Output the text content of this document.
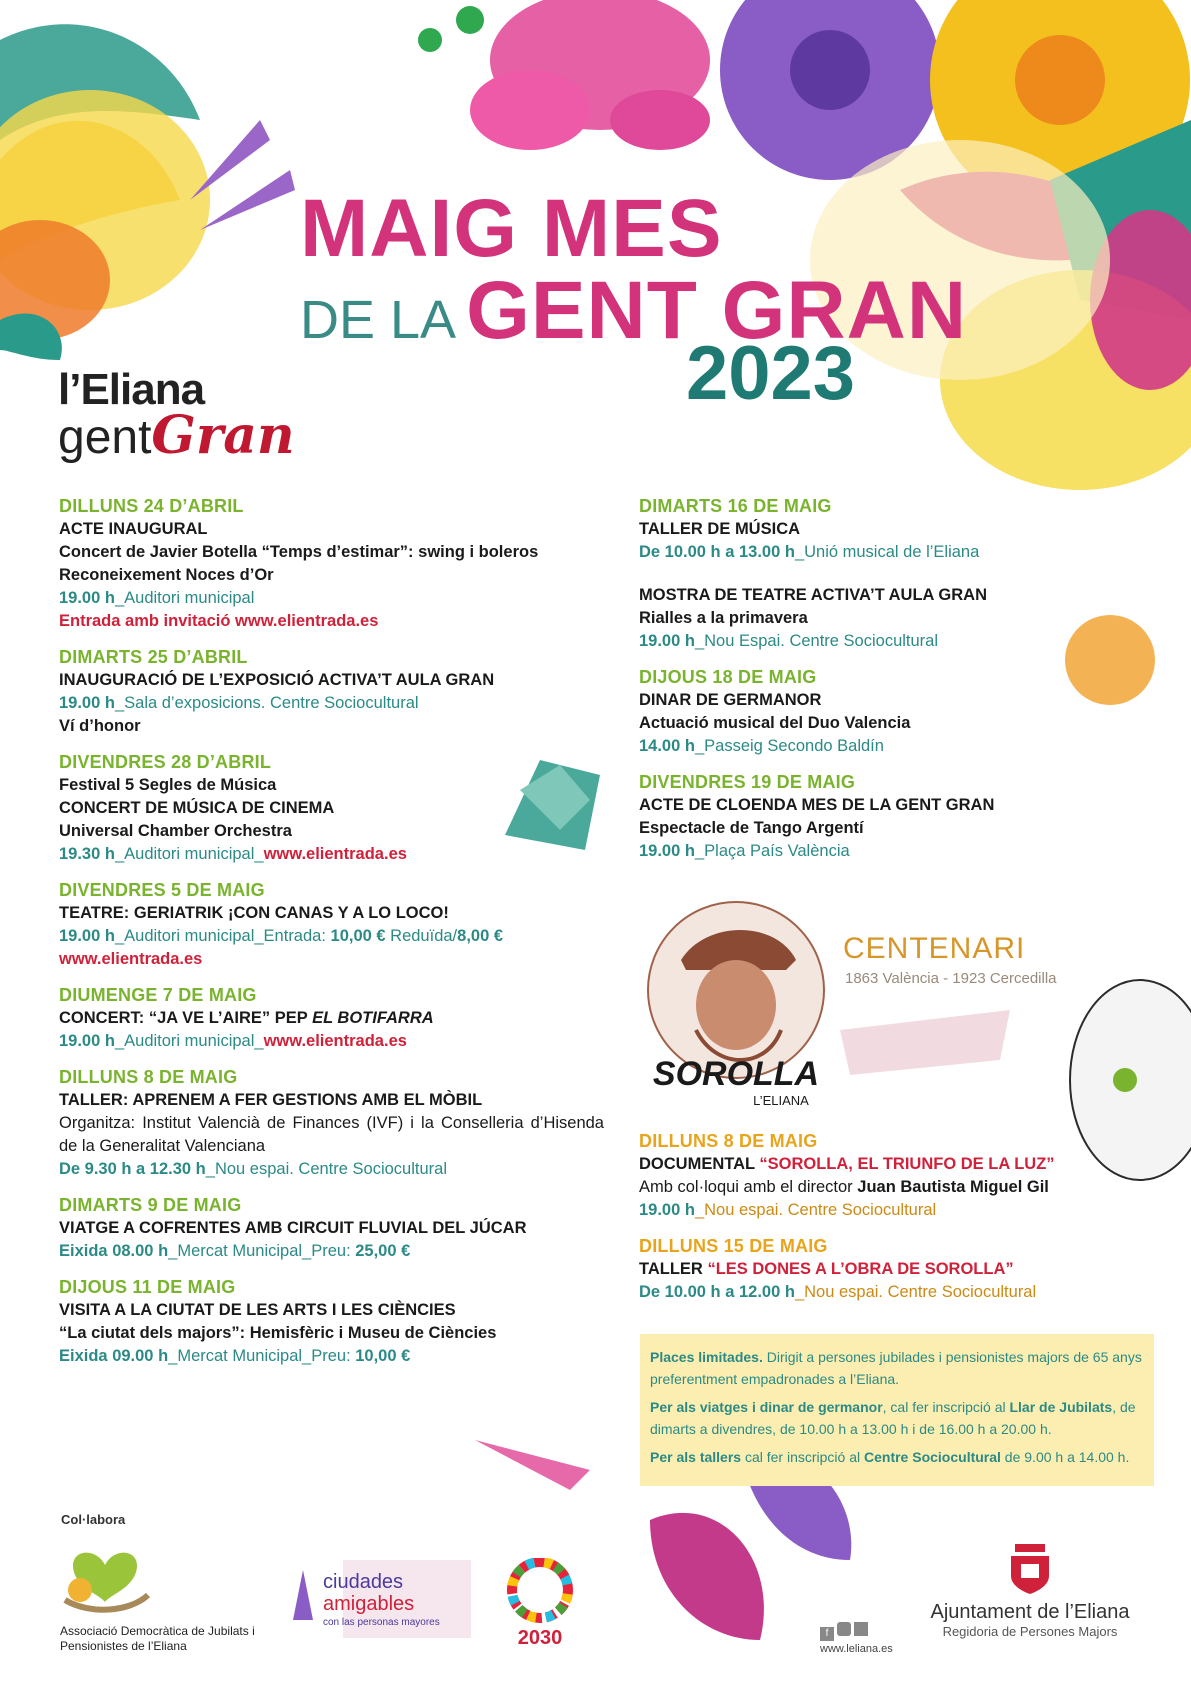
MAIG MES
DE LA GENT GRAN
2023
l’Eliana
gentGran
DILLUNS 24 D’ABRIL
ACTE INAUGURAL
Concert de Javier Botella “Temps d’estimar”: swing i boleros
Reconeixement Noces d’Or
19.00 h_Auditori municipal
Entrada amb invitació www.elientrada.es
DIMARTS 25 D’ABRIL
INAUGURACIÓ DE L’EXPOSICIÓ ACTIVA’T AULA GRAN
19.00 h_Sala d’exposicions. Centre Sociocultural
Ví d’honor
DIVENDRES 28 D’ABRIL
Festival 5 Segles de Música
CONCERT DE MÚSICA DE CINEMA
Universal Chamber Orchestra
19.30 h_Auditori municipal_www.elientrada.es
DIVENDRES 5 DE MAIG
TEATRE: GERIATRIK ¡CON CANAS Y A LO LOCO!
19.00 h_Auditori municipal_Entrada: 10,00 € Reduïda/8,00 €
www.elientrada.es
DIUMENGE 7 DE MAIG
CONCERT: “JA VE L’AIRE” PEP EL BOTIFARRA
19.00 h_Auditori municipal_www.elientrada.es
DILLUNS 8 DE MAIG
TALLER: APRENEM A FER GESTIONS AMB EL MÒBIL
Organitza: Institut Valencià de Finances (IVF) i la Conselleria d’Hisenda de la Generalitat Valenciana
De 9.30 h a 12.30 h_Nou espai. Centre Sociocultural
DIMARTS 9 DE MAIG
VIATGE A COFRENTES AMB CIRCUIT FLUVIAL DEL JÚCAR
Eixida 08.00 h_Mercat Municipal_Preu: 25,00 €
DIJOUS 11 DE MAIG
VISITA A LA CIUTAT DE LES ARTS I LES CIÈNCIES
“La ciutat dels majors”: Hemisfèric i Museu de Ciències
Eixida 09.00 h_Mercat Municipal_Preu: 10,00 €
DIMARTS 16 DE MAIG
TALLER DE MÚSICA
De 10.00 h a 13.00 h_Unió musical de l’Eliana
MOSTRA DE TEATRE ACTIVA’T AULA GRAN
Rialles a la primavera
19.00 h_Nou Espai. Centre Sociocultural
DIJOUS 18 DE MAIG
DINAR DE GERMANOR
Actuació musical del Duo Valencia
14.00 h_Passeig Secondo Baldín
DIVENDRES 19 DE MAIG
ACTE DE CLOENDA MES DE LA GENT GRAN
Espectacle de Tango Argentí
19.00 h_Plaça País València
SOROLLA
L’ELIANA
CENTENARI
1863 València - 1923 Cercedilla
DILLUNS 8 DE MAIG
DOCUMENTAL “SOROLLA, EL TRIUNFO DE LA LUZ”
Amb col·loqui amb el director Juan Bautista Miguel Gil
19.00 h_Nou espai. Centre Sociocultural
DILLUNS 15 DE MAIG
TALLER “LES DONES A L’OBRA DE SOROLLA”
De 10.00 h a 12.00 h_Nou espai. Centre Sociocultural

Places limitades. Dirigit a persones jubilades i pensionistes majors de 65 anys preferentment empadronades a l’Eliana.

Per als viatges i dinar de germanor, cal fer inscripció al Llar de Jubilats, de dimarts a divendres, de 10.00 h a 13.00 h i de 16.00 h a 20.00 h.

Per als tallers cal fer inscripció al Centre Sociocultural de 9.00 h a 14.00 h.

Col·labora
Associació Democràtica de Jubilats i Pensionistes de l’Eliana
ciudades
amigables
con las personas mayores
2030	f
www.leliana.es
Ajuntament de l’Eliana
Regidoria de Persones Majors
